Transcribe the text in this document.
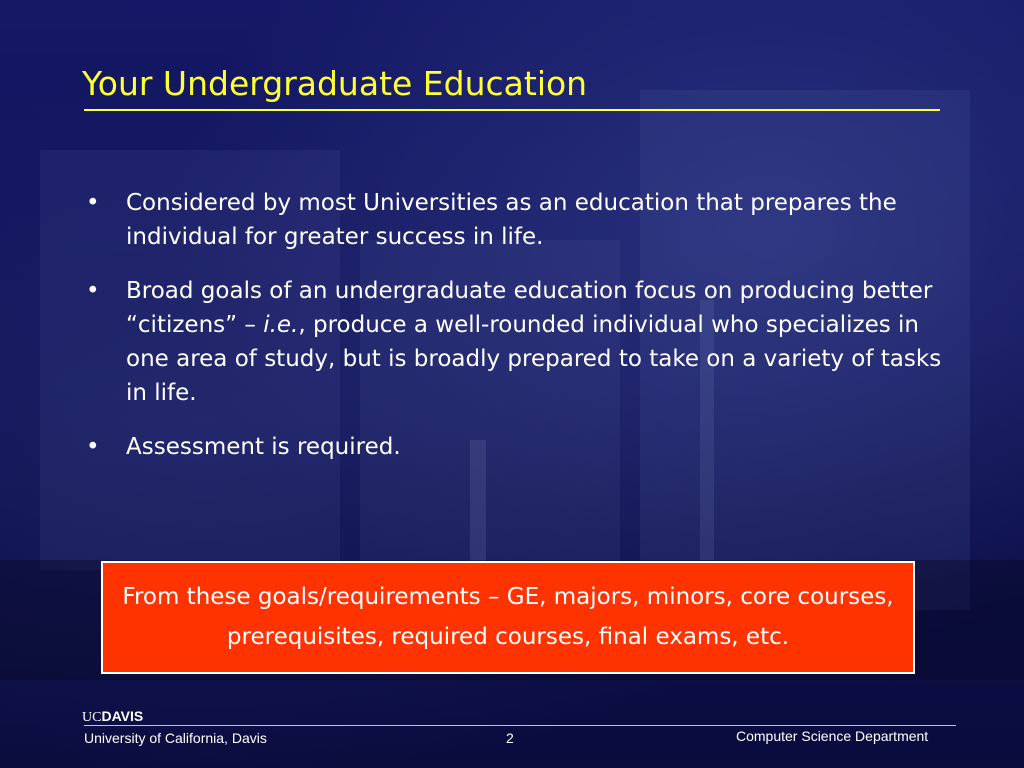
Your Undergraduate Education
• Considered by most Universities as an education that prepares the individual for greater success in life.
• Broad goals of an undergraduate education focus on producing better “citizens” – i.e., produce a well-rounded individual who specializes in one area of study, but is broadly prepared to take on a variety of tasks in life.
• Assessment is required.
From these goals/requirements – GE, majors, minors, core courses, prerequisites, required courses, final exams, etc.
UCDAVIS
University of California, Davis	2	Computer Science Department
